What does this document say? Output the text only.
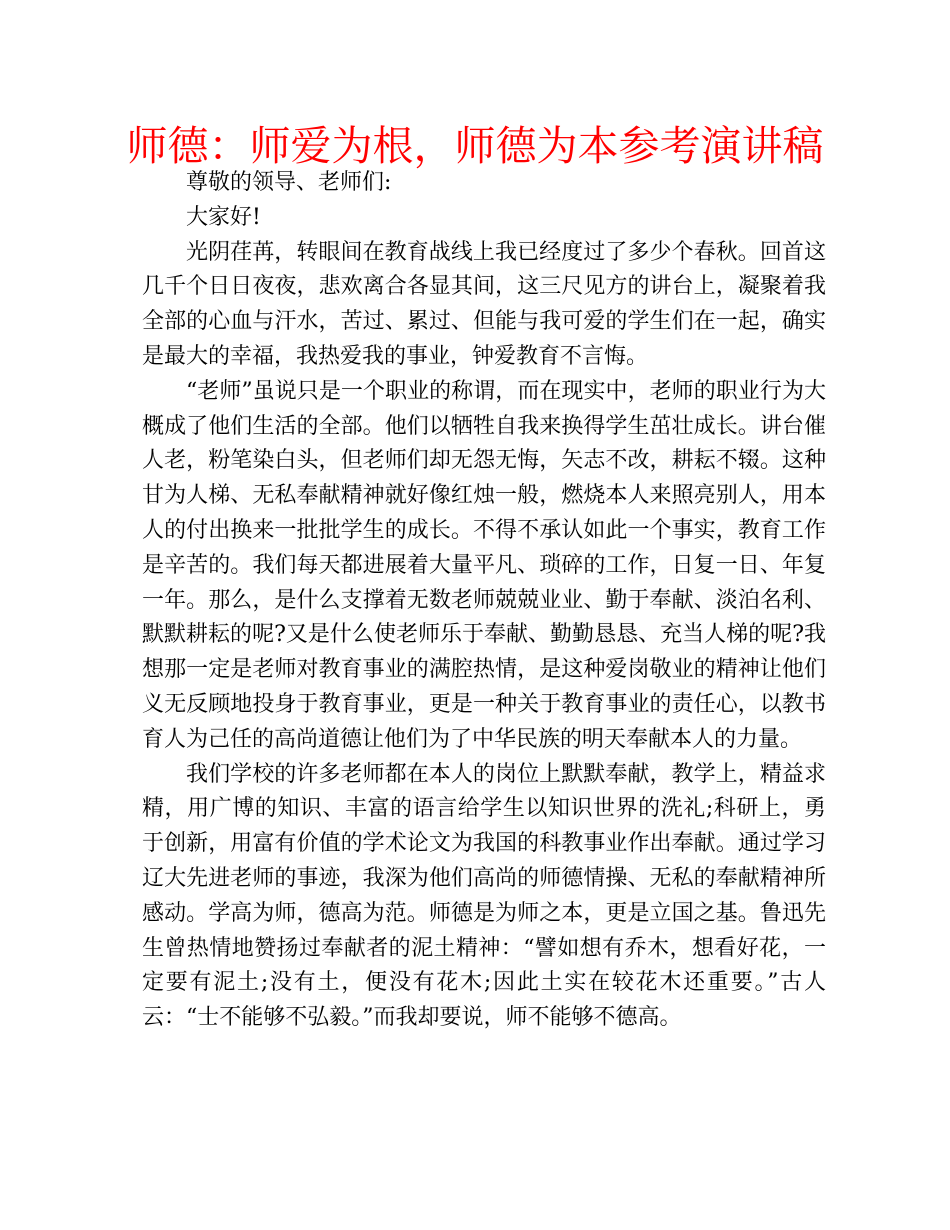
师德：师爱为根，师德为本参考演讲稿

尊敬的领导、老师们:

大家好!

光阴荏苒，转眼间在教育战线上我已经度过了多少个春秋。回首这几千个日日夜夜，悲欢离合各显其间，这三尺见方的讲台上，凝聚着我全部的心血与汗水，苦过、累过、但能与我可爱的学生们在一起，确实是最大的幸福，我热爱我的事业，钟爱教育不言悔。

“老师”虽说只是一个职业的称谓，而在现实中，老师的职业行为大概成了他们生活的全部。他们以牺牲自我来换得学生茁壮成长。讲台催人老，粉笔染白头，但老师们却无怨无悔，矢志不改，耕耘不辍。这种甘为人梯、无私奉献精神就好像红烛一般，燃烧本人来照亮别人，用本人的付出换来一批批学生的成长。不得不承认如此一个事实，教育工作是辛苦的。我们每天都进展着大量平凡、琐碎的工作，日复一日、年复一年。那么，是什么支撑着无数老师兢兢业业、勤于奉献、淡泊名利、默默耕耘的呢?又是什么使老师乐于奉献、勤勤恳恳、充当人梯的呢?我想那一定是老师对教育事业的满腔热情，是这种爱岗敬业的精神让他们义无反顾地投身于教育事业，更是一种关于教育事业的责任心，以教书育人为己任的高尚道德让他们为了中华民族的明天奉献本人的力量。

我们学校的许多老师都在本人的岗位上默默奉献，教学上，精益求精，用广博的知识、丰富的语言给学生以知识世界的洗礼;科研上，勇于创新，用富有价值的学术论文为我国的科教事业作出奉献。通过学习辽大先进老师的事迹，我深为他们高尚的师德情操、无私的奉献精神所感动。学高为师，德高为范。师德是为师之本，更是立国之基。鲁迅先生曾热情地赞扬过奉献者的泥土精神：“譬如想有乔木，想看好花，一定要有泥土;没有土，便没有花木;因此土实在较花木还重要。”古人云：“士不能够不弘毅。”而我却要说，师不能够不德高。
